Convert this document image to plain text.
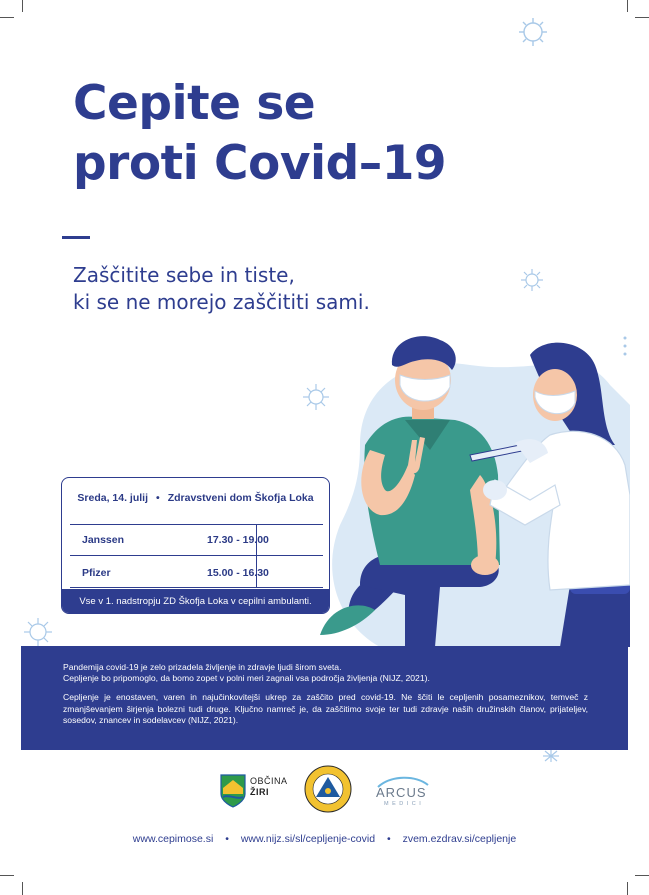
Cepite se
proti Covid–19
Zaščitite sebe in tiste,
ki se ne morejo zaščititi sami.
Sreda, 14. julij • Zdravstveni dom Škofja Loka
Janssen	17.30 - 19.00
Pfizer	15.00 - 16.30
Vse v 1. nadstropju ZD Škofja Loka v cepilni ambulanti.

Pandemija covid-19 je zelo prizadela življenje in zdravje ljudi širom sveta.
Cepljenje bo pripomoglo, da bomo zopet v polni meri zagnali vsa področja življenja (NIJZ, 2021).

Cepljenje je enostaven, varen in najučinkovitejši ukrep za zaščito pred covid-19. Ne ščiti le cepljenih posameznikov, temveč z zmanjševanjem širjenja bolezni tudi druge. Ključno namreč je, da zaščitimo svoje ter tudi zdravje naših družinskih članov, prijateljev, sosedov, znancev in sodelavcev (NIJZ, 2021).

OBČINA
ŽIRI	ARCUS
MEDICI
www.cepimose.si • www.nijz.si/sl/cepljenje-covid • zvem.ezdrav.si/cepljenje
